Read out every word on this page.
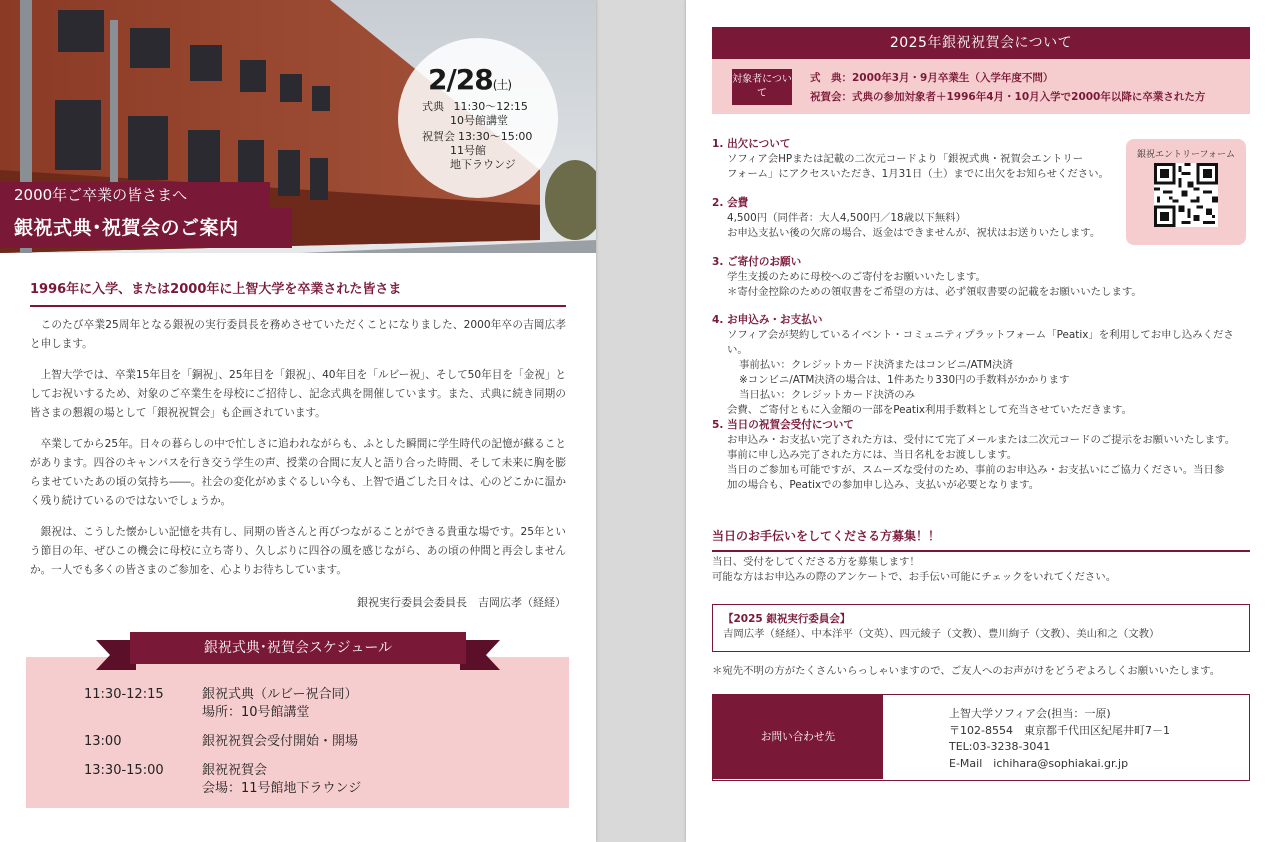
2/28(土)
式典 11:30～12:15
10号館講堂
祝賀会 13:30～15:00
11号館
地下ラウンジ
2000年ご卒業の皆さまへ
銀祝式典･祝賀会のご案内
1996年に入学、または2000年に上智大学を卒業された皆さま

このたび卒業25周年となる銀祝の実行委員長を務めさせていただくことになりました、2000年卒の吉岡広孝と申します。

上智大学では、卒業15年目を「銅祝」、25年目を「銀祝」、40年目を「ルビー祝」、そして50年目を「金祝」としてお祝いするため、対象のご卒業生を母校にご招待し、記念式典を開催しています。また、式典に続き同期の皆さまの懇親の場として「銀祝祝賀会」も企画されています。

卒業してから25年。日々の暮らしの中で忙しさに追われながらも、ふとした瞬間に学生時代の記憶が蘇ることがあります。四谷のキャンパスを行き交う学生の声、授業の合間に友人と語り合った時間、そして未来に胸を膨らませていたあの頃の気持ち――。社会の変化がめまぐるしい今も、上智で過ごした日々は、心のどこかに温かく残り続けているのではないでしょうか。

銀祝は、こうした懐かしい記憶を共有し、同期の皆さんと再びつながることができる貴重な場です。25年という節目の年、ぜひこの機会に母校に立ち寄り、久しぶりに四谷の風を感じながら、あの頃の仲間と再会しませんか。一人でも多くの皆さまのご参加を、心よりお待ちしています。

銀祝実行委員会委員長　吉岡広孝（経経）
銀祝式典･祝賀会スケジュール
11:30-12:15	銀祝式典（ルビー祝合同）
場所：10号館講堂
13:00	銀祝祝賀会受付開始・開場
13:30-15:00	銀祝祝賀会
会場：11号館地下ラウンジ
2025年銀祝祝賀会について
対象者について
式　典：2000年3月・9月卒業生（入学年度不問）
祝賀会：式典の参加対象者＋1996年4月・10月入学で2000年以降に卒業された方
1. 出欠について
ソフィア会HPまたは記載の二次元コードより「銀祝式典・祝賀会エントリー
フォーム」にアクセスいただき、1月31日（土）までに出欠をお知らせください。
2. 会費
4,500円（同伴者：大人4,500円／18歳以下無料）
お申込支払い後の欠席の場合、返金はできませんが、祝状はお送りいたします。
3. ご寄付のお願い
学生支援のために母校へのご寄付をお願いいたします。
＊寄付金控除のための領収書をご希望の方は、必ず領収書要の記載をお願いいたします。
4. お申込み・お支払い
ソフィア会が契約しているイベント・コミュニティプラットフォーム「Peatix」を利用してお申し込みください。
事前払い：クレジットカード決済またはコンビニ/ATM決済
※コンビニ/ATM決済の場合は、1件あたり330円の手数料がかかります
当日払い：クレジットカード決済のみ
会費、ご寄付ともに入金額の一部をPeatix利用手数料として充当させていただきます。
5. 当日の祝賀会受付について
お申込み・お支払い完了された方は、受付にて完了メールまたは二次元コードのご提示をお願いいたします。
事前に申し込み完了された方には、当日名札をお渡しします。
当日のご参加も可能ですが、スムーズな受付のため、事前のお申込み・お支払いにご協力ください。当日参
加の場合も、Peatixでの参加申し込み、支払いが必要となります。
銀祝エントリーフォーム
当日のお手伝いをしてくださる方募集！！
当日、受付をしてくださる方を募集します！
可能な方はお申込みの際のアンケートで、お手伝い可能にチェックをいれてください。
【2025 銀祝実行委員会】
吉岡広孝（経経）、中本洋平（文英）、四元綾子（文教）、豊川絢子（文教）、美山和之（文教）
＊宛先不明の方がたくさんいらっしゃいますので、ご友人へのお声がけをどうぞよろしくお願いいたします。
お問い合わせ先
上智大学ソフィア会(担当：一原)
〒102-8554　東京都千代田区紀尾井町7－1
TEL:03-3238-3041
E-Mail　ichihara@sophiakai.gr.jp
